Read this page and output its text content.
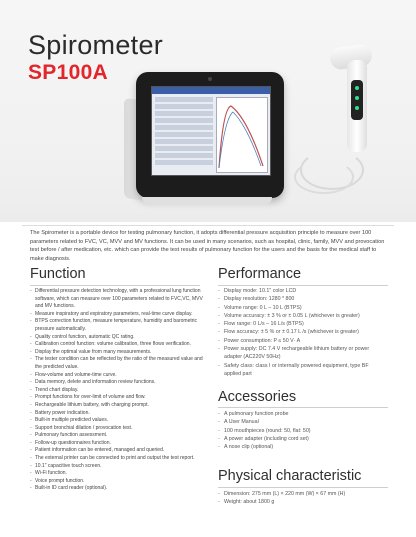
Spirometer
SP100A
The Spirometer is a portable device for testing pulmonary function, it adopts differential pressure acquisition principle to measure over 100 parameters related to FVC, VC, MVV and MV functions. It can be used in many scenarios, such as hospital, clinic, family, MVV and provocation test before / after medication, etc. which can provide the test results of pulmonary function for the users and the basis for the medical staff to make diagnosis.
Function
- Differential pressure detection technology, with a professional lung function software, which can measure over 100 parameters related to FVC,VC, MVV and MV functions.
- Measure inspiratory and expiratory parameters, real-time curve display.
- BTPS correction function, measure temperature, humidity and barometric pressure automatically.
- Quality control function, automatic QC rating.
- Calibration control function: volume calibration, three flows verification.
- Display the optimal value from many measurements.
- The tester condition can be reflected by the ratio of the measured value and the predicted value.
- Flow-volume and volume-time curve.
- Data memory, delete and information review functions.
- Trend chart display.
- Prompt functions for over-limit of volume and flow.
- Rechargeable lithium battery, with charging prompt.
- Battery power indication.
- Built-in multiple predicted values.
- Support bronchial dilation / provocation test.
- Pulmonary function assessment.
- Follow-up questionnaires function.
- Patient information can be entered, managed and queried.
- The external printer can be connected to print and output the test report.
- 10.1" capacitive touch screen.
- Wi-Fi function.
- Voice prompt function.
- Built-in ID card reader (optional).
Performance
- Display mode: 10.1" color LCD
- Display resolution: 1280 * 800
- Volume range: 0 L – 10 L (BTPS)
- Volume accuracy: ± 3 % or ± 0.05 L (whichever is greater)
- Flow range: 0 L/s – 16 L/s (BTPS)
- Flow accuracy: ± 5 % or ± 0.17 L /s (whichever is greater)
- Power consumption: P ≤ 50 V· A
- Power supply: DC 7.4 V rechargeable lithium battery or power adapter (AC220V 50Hz)
- Safety class: class I or internally powered equipment, type BF applied part
Accessories
- A pulmonary function probe
- A User Manual
- 100 mouthpieces (round: 50, flat: 50)
- A power adapter (including cord set)
- A nose clip (optional)
Physical characteristic
- Dimension: 275 mm (L) × 220 mm (W) × 67 mm (H)
- Weight: about 1800 g
